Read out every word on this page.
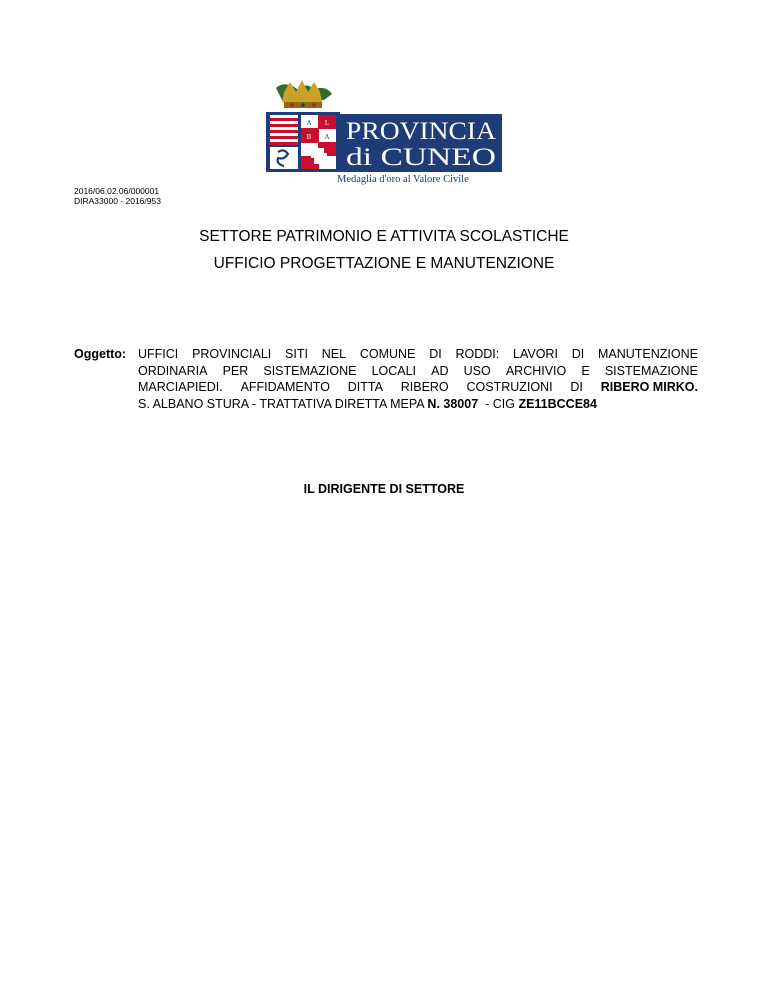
A L
B A PROVINCIA
di CUNEO
Medaglia d'oro al Valore Civile
2016/06.02.06/000001
DIRA33000 - 2016/953
SETTORE PATRIMONIO E ATTIVITA SCOLASTICHE
UFFICIO PROGETTAZIONE E MANUTENZIONE
Oggetto: UFFICI PROVINCIALI SITI NEL COMUNE DI RODDI: LAVORI DI MANUTENZIONE
ORDINARIA PER SISTEMAZIONE LOCALI AD USO ARCHIVIO E SISTEMAZIONE
MARCIAPIEDI. AFFIDAMENTO DITTA RIBERO COSTRUZIONI DI RIBERO MIRKO.
S. ALBANO STURA - TRATTATIVA DIRETTA MEPA N. 38007 - CIG ZE11BCCE84
IL DIRIGENTE DI SETTORE
